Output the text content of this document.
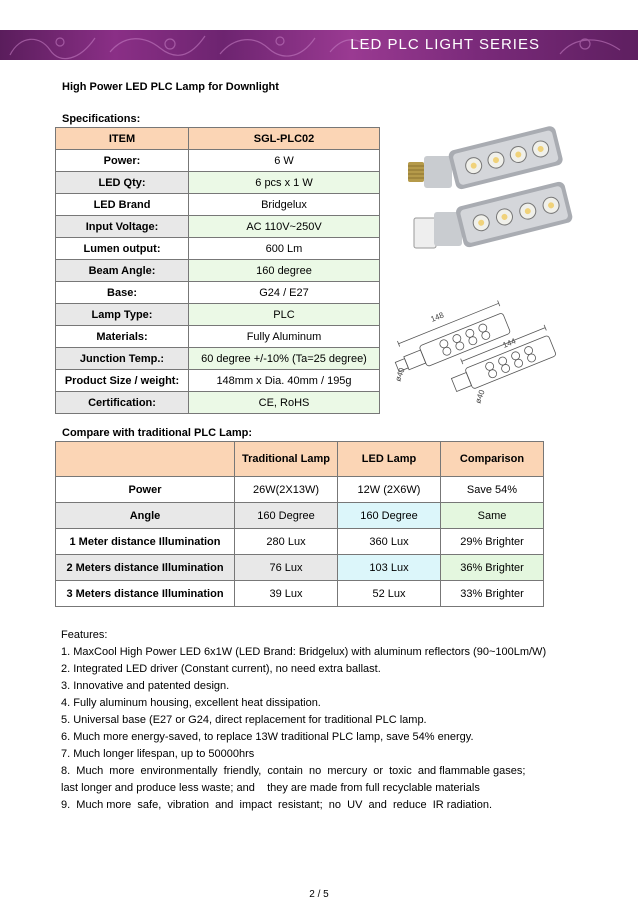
LED PLC LIGHT SERIES
High Power LED PLC Lamp for Downlight
Specifications:
ITEM	SGL-PLC02
Power:	6 W
LED Qty:	6 pcs x 1 W
LED Brand	Bridgelux
Input Voltage:	AC 110V~250V
Lumen output:	600 Lm
Beam Angle:	160 degree
Base:	G24 / E27
Lamp Type:	PLC
Materials:	Fully Aluminum
Junction Temp.:	60 degree +/-10% (Ta=25 degree)
Product Size / weight:	148mm x Dia. 40mm / 195g
Certification:	CE, RoHS
148
144
ø40
ø40
Compare with traditional PLC Lamp:
	Traditional Lamp	LED Lamp	Comparison
Power	26W(2X13W)	12W (2X6W)	Save 54%
Angle	160 Degree	160 Degree	Same
1 Meter distance Illumination	280 Lux	360 Lux	29% Brighter
2 Meters distance Illumination	76 Lux	103 Lux	36% Brighter
3 Meters distance Illumination	39 Lux	52 Lux	33% Brighter
Features:
1. MaxCool High Power LED 6x1W (LED Brand: Bridgelux) with aluminum reflectors (90~100Lm/W)
2. Integrated LED driver (Constant current), no need extra ballast.
3. Innovative and patented design.
4. Fully aluminum housing, excellent heat dissipation.
5. Universal base (E27 or G24, direct replacement for traditional PLC lamp.
6. Much more energy-saved, to replace 13W traditional PLC lamp, save 54% energy.
7. Much longer lifespan, up to 50000hrs
8.  Much  more  environmentally  friendly,  contain  no  mercury  or  toxic  and flammable gases;
last longer and produce less waste; and    they are made from full recyclable materials
9.  Much more  safe,  vibration  and  impact  resistant;  no  UV  and  reduce  IR radiation.
2 / 5
